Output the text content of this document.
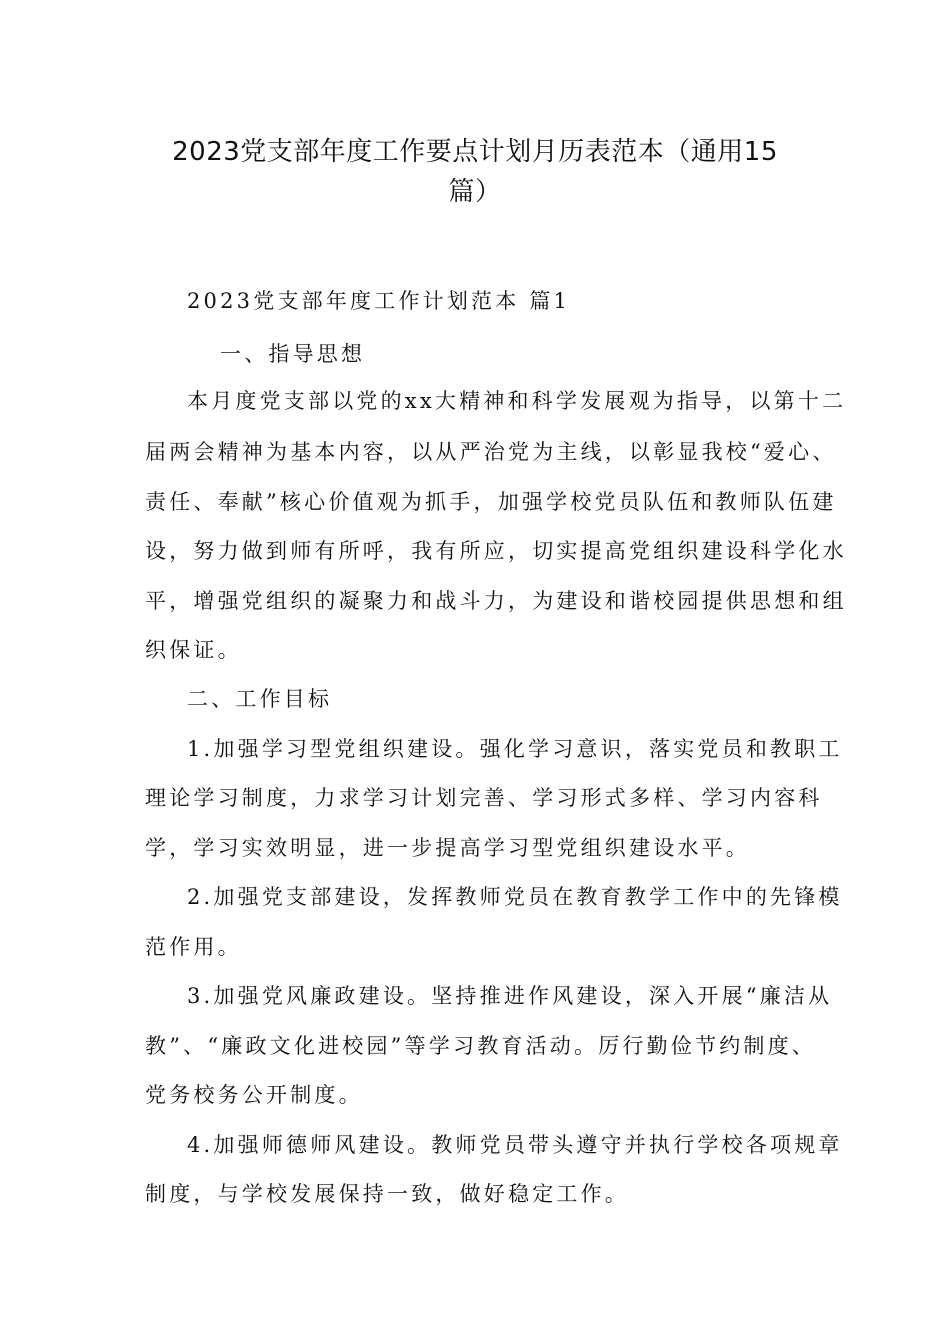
2023党支部年度工作要点计划月历表范本（通用15
篇）
2023党支部年度工作计划范本 篇1
一、指导思想
本月度党支部以党的xx大精神和科学发展观为指导，以第十二
届两会精神为基本内容，以从严治党为主线，以彰显我校“爱心、
责任、奉献”核心价值观为抓手，加强学校党员队伍和教师队伍建
设，努力做到师有所呼，我有所应，切实提高党组织建设科学化水
平，增强党组织的凝聚力和战斗力，为建设和谐校园提供思想和组
织保证。
二、工作目标
1.加强学习型党组织建设。强化学习意识，落实党员和教职工
理论学习制度，力求学习计划完善、学习形式多样、学习内容科
学，学习实效明显，进一步提高学习型党组织建设水平。
2.加强党支部建设，发挥教师党员在教育教学工作中的先锋模
范作用。
3.加强党风廉政建设。坚持推进作风建设，深入开展“廉洁从
教”、“廉政文化进校园”等学习教育活动。厉行勤俭节约制度、
党务校务公开制度。
4.加强师德师风建设。教师党员带头遵守并执行学校各项规章
制度，与学校发展保持一致，做好稳定工作。
